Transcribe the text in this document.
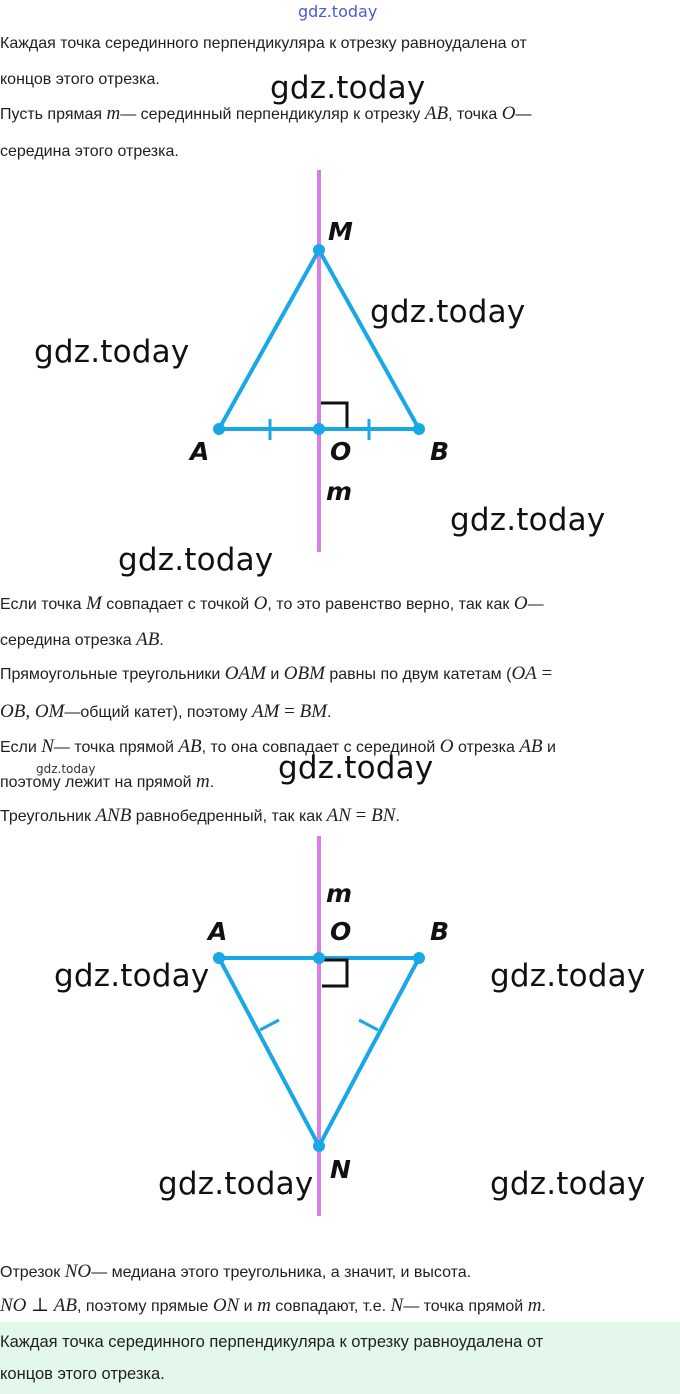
gdz.today
Каждая точка серединного перпендикуляра к отрезку равноудалена от
концов этого отрезка.	gdz.today
Пусть прямая m— серединный перпендикуляр к отрезку AB, точка O—
середина этого отрезка.
M
A	O	B
m
gdz.today
gdz.today
gdz.today
gdz.today
Если точка M совпадает с точкой O, то это равенство верно, так как O—
середина отрезка AB.
Прямоугольные треугольники OAM и OBM равны по двум катетам (OA =
OB, OM—общий катет), поэтому AM = BM.
Если N— точка прямой AB, то она совпадает с серединой O отрезка AB и
gdz.today
поэтому лежит на прямой m. gdz.today
Треугольник ANB равнобедренный, так как AN = BN.
m
A	O	B
N
gdz.today	gdz.today
gdz.today	gdz.today
Отрезок NO— медиана этого треугольника, а значит, и высота.
NO ⊥ AB, поэтому прямые ON и m совпадают, т.е. N— точка прямой m.
Каждая точка серединного перпендикуляра к отрезку равноудалена от
концов этого отрезка.
